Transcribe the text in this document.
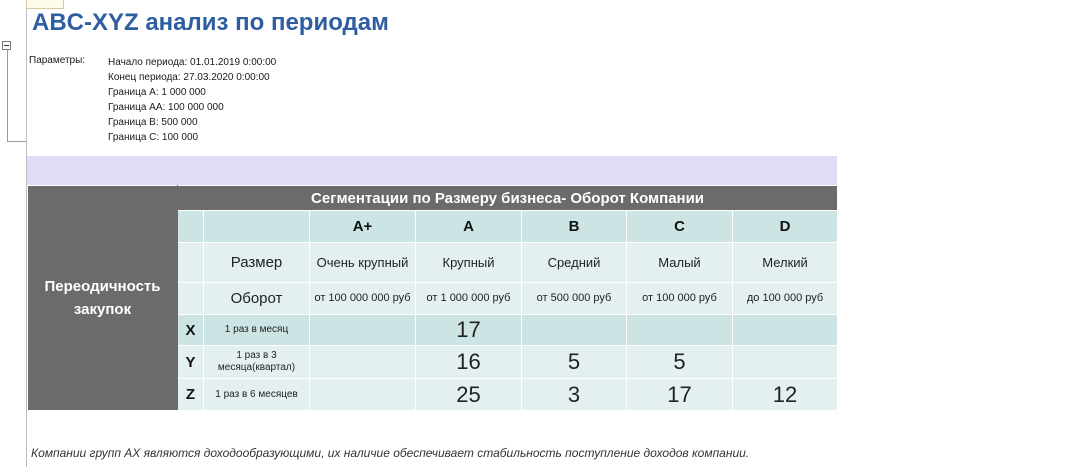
ABC-XYZ анализ по периодам
Параметры: Начало периода: 01.01.2019 0:00:00
Конец периода: 27.03.2020 0:00:00
Граница А: 1 000 000
Граница АА: 100 000 000
Граница В: 500 000
Граница С: 100 000
Переодичность закупок	Сегментации по Размеру бизнеса- Оборот Компании						
			A+	A	B	C	D
		Размер	Очень крупный	Крупный	Средний	Малый	Мелкий
		Оборот	от 100 000 000 руб	от 1 000 000 руб	от 500 000 руб	от 100 000 руб	до 100 000 руб
	X	1 раз в месяц		17			
	Y	1 раз в 3 месяца(квартал)		16	5	5	
	Z	1 раз в 6 месяцев		25	3	17	12

Компании групп АХ являются доходообразующими, их наличие обеспечивает стабильность поступление доходов компании.
